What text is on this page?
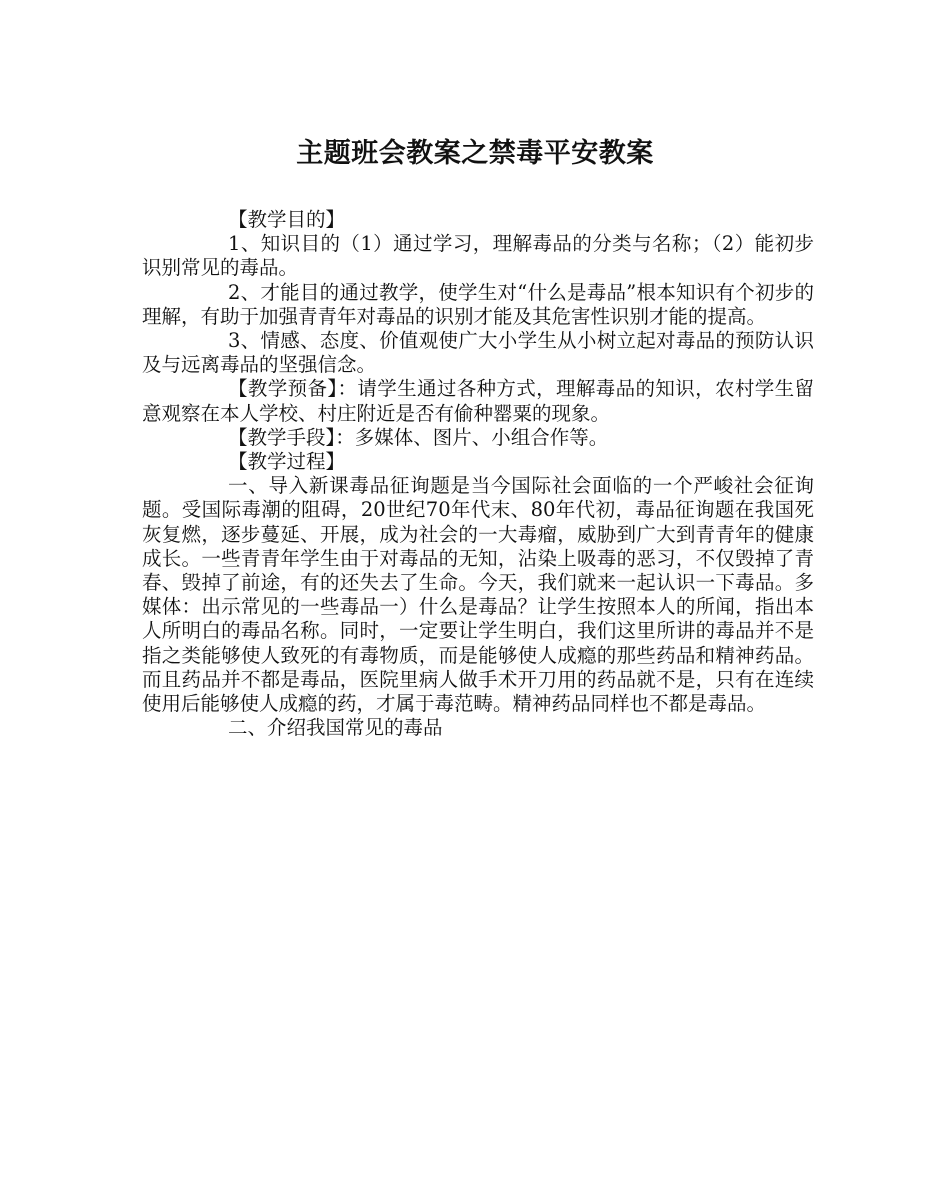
主题班会教案之禁毒平安教案

【教学目的】

1、知识目的（1）通过学习，理解毒品的分类与名称；（2）能初步识别常见的毒品。

2、才能目的通过教学，使学生对“什么是毒品”根本知识有个初步的理解，有助于加强青青年对毒品的识别才能及其危害性识别才能的提高。

3、情感、态度、价值观使广大小学生从小树立起对毒品的预防认识及与远离毒品的坚强信念。

【教学预备】：请学生通过各种方式，理解毒品的知识，农村学生留意观察在本人学校、村庄附近是否有偷种罂粟的现象。

【教学手段】：多媒体、图片、小组合作等。

【教学过程】

一、导入新课毒品征询题是当今国际社会面临的一个严峻社会征询题。受国际毒潮的阻碍，20世纪70年代末、80年代初，毒品征询题在我国死灰复燃，逐步蔓延、开展，成为社会的一大毒瘤，威胁到广大到青青年的健康成长。一些青青年学生由于对毒品的无知，沾染上吸毒的恶习，不仅毁掉了青春、毁掉了前途，有的还失去了生命。今天，我们就来一起认识一下毒品。多媒体：出示常见的一些毒品一）什么是毒品？让学生按照本人的所闻，指出本人所明白的毒品名称。同时，一定要让学生明白，我们这里所讲的毒品并不是指之类能够使人致死的有毒物质，而是能够使人成瘾的那些药品和精神药品。而且药品并不都是毒品，医院里病人做手术开刀用的药品就不是，只有在连续使用后能够使人成瘾的药，才属于毒范畴。精神药品同样也不都是毒品。

二、介绍我国常见的毒品
